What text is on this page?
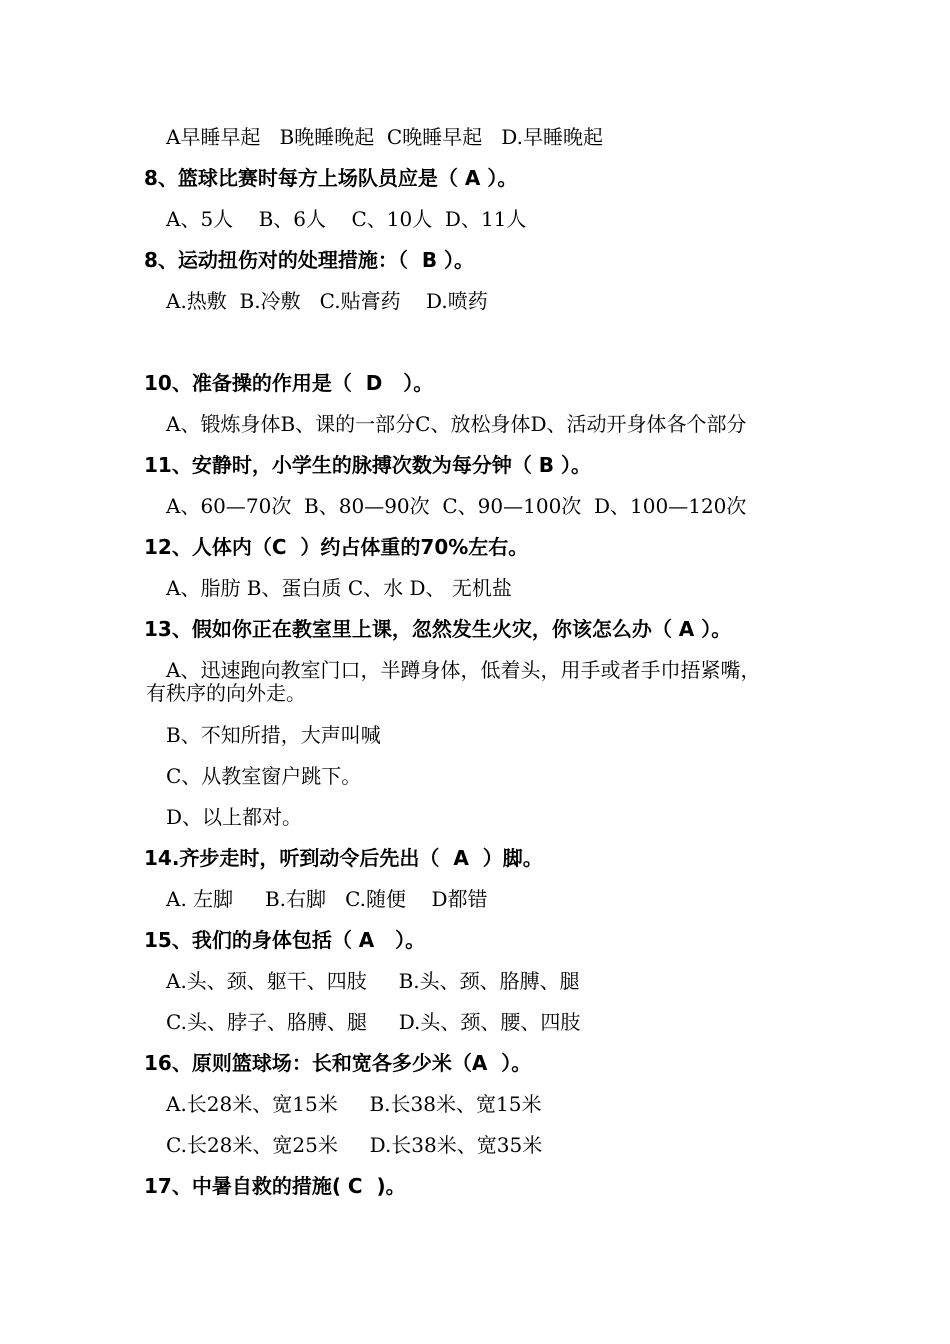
A早睡早起   B晚睡晚起  C晚睡早起   D.早睡晚起
8、篮球比赛时每方上场队员应是（ A ）。
A、5人    B、6人    C、10人  D、11人
8、运动扭伤对的处理措施：（  B ）。
A.热敷  B.冷敷   C.贴膏药    D.喷药
10、准备操的作用是（  D   ）。
A、锻炼身体B、课的一部分C、放松身体D、活动开身体各个部分
11、安静时，小学生的脉搏次数为每分钟（ B ）。
A、60—70次  B、80—90次  C、90—100次  D、100—120次
12、人体内（C  ）约占体重的70%左右。
A、脂肪 B、蛋白质 C、水 D、 无机盐
13、假如你正在教室里上课，忽然发生火灾，你该怎么办（ A ）。
A、迅速跑向教室门口，半蹲身体，低着头，用手或者手巾捂紧嘴，
有秩序的向外走。
B、不知所措，大声叫喊
C、从教室窗户跳下。
D、以上都对。
14.齐步走时，听到动令后先出（  A  ）脚。
A. 左脚     B.右脚   C.随便    D都错
15、我们的身体包括（ A   ）。
A.头、颈、躯干、四肢     B.头、颈、胳膊、腿
C.头、脖子、胳膊、腿     D.头、颈、腰、四肢
16、原则篮球场：长和宽各多少米（A  ）。
A.长28米、宽15米     B.长38米、宽15米
C.长28米、宽25米     D.长38米、宽35米
17、中暑自救的措施( C  )。
